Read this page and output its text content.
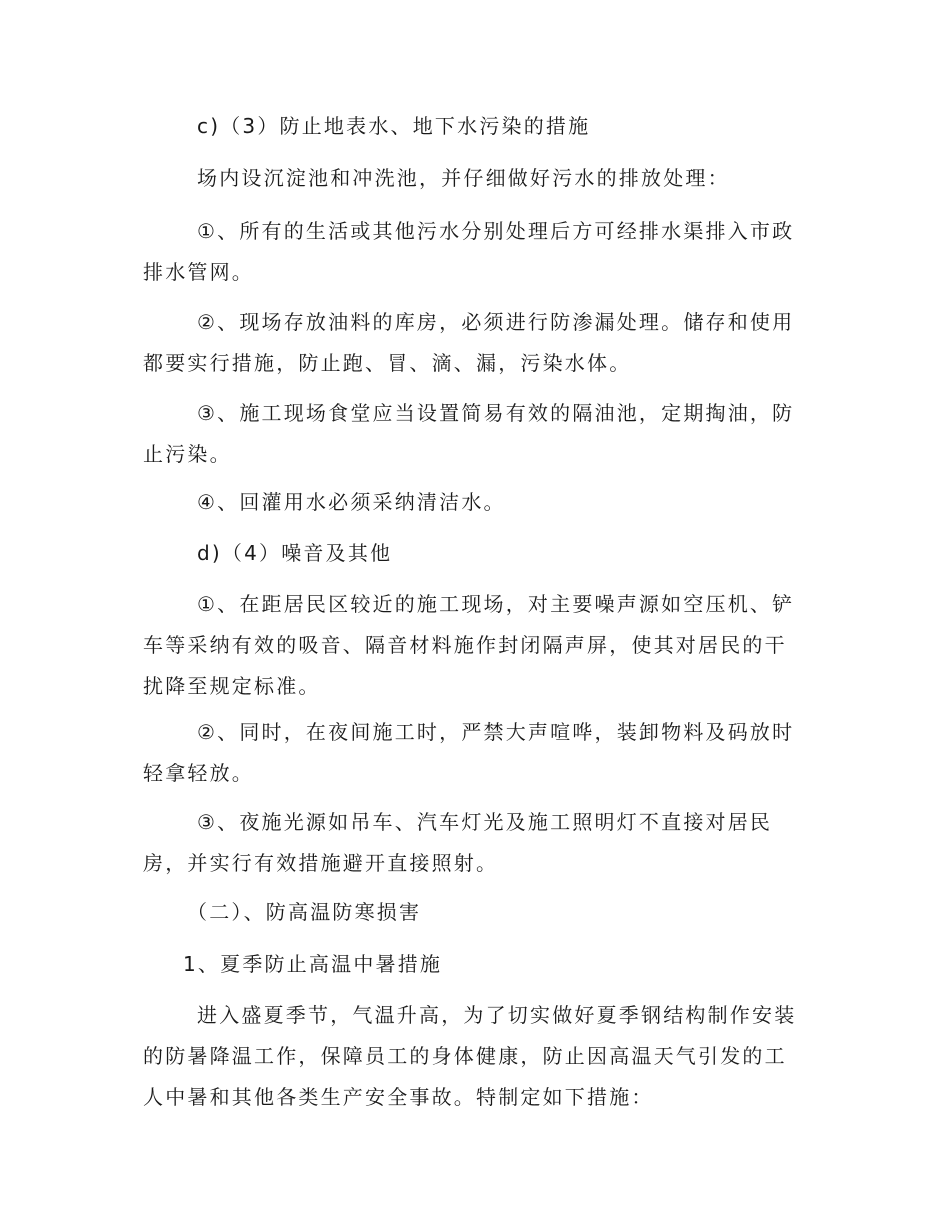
c)（3）防止地表水、地下水污染的措施
场内设沉淀池和冲洗池，并仔细做好污水的排放处理：
①、所有的生活或其他污水分别处理后方可经排水渠排入市政排水管网。
②、现场存放油料的库房，必须进行防渗漏处理。储存和使用都要实行措施，防止跑、冒、滴、漏，污染水体。
③、施工现场食堂应当设置简易有效的隔油池，定期掏油，防止污染。
④、回灌用水必须采纳清洁水。
d)（4）噪音及其他
①、在距居民区较近的施工现场，对主要噪声源如空压机、铲车等采纳有效的吸音、隔音材料施作封闭隔声屏，使其对居民的干扰降至规定标准。
②、同时，在夜间施工时，严禁大声喧哗，装卸物料及码放时轻拿轻放。
③、夜施光源如吊车、汽车灯光及施工照明灯不直接对居民房，并实行有效措施避开直接照射。
（二）、防高温防寒损害
1、夏季防止高温中暑措施
进入盛夏季节，气温升高，为了切实做好夏季钢结构制作安装的防暑降温工作，保障员工的身体健康，防止因高温天气引发的工人中暑和其他各类生产安全事故。特制定如下措施：
